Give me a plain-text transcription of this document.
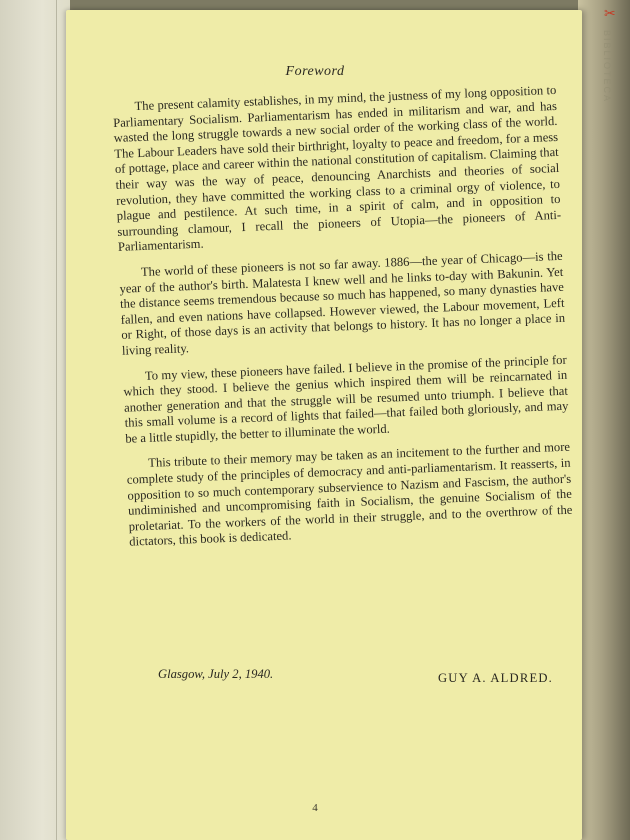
BIBLIOTECA
✂
Foreword

The present calamity establishes, in my mind, the justness of my long opposition to Parliamentary Socialism. Parliamentarism has ended in militarism and war, and has wasted the long struggle towards a new social order of the working class of the world. The Labour Leaders have sold their birthright, loyalty to peace and freedom, for a mess of pottage, place and career within the national constitution of capitalism. Claiming that their way was the way of peace, denouncing Anarchists and theories of social revolution, they have committed the working class to a criminal orgy of violence, to plague and pestilence. At such time, in a spirit of calm, and in opposition to surrounding clamour, I recall the pioneers of Utopia—the pioneers of Anti-Parliamentarism.

The world of these pioneers is not so far away. 1886—the year of Chicago—is the year of the author's birth. Malatesta I knew well and he links to-day with Bakunin. Yet the distance seems tremendous because so much has happened, so many dynasties have fallen, and even nations have collapsed. However viewed, the Labour movement, Left or Right, of those days is an activity that belongs to history. It has no longer a place in living reality.

To my view, these pioneers have failed. I believe in the promise of the principle for which they stood. I believe the genius which inspired them will be reincarnated in another generation and that the struggle will be resumed unto triumph. I believe that this small volume is a record of lights that failed—that failed both gloriously, and may be a little stupidly, the better to illuminate the world.

This tribute to their memory may be taken as an incitement to the further and more complete study of the principles of democracy and anti-parliamentarism. It reasserts, in opposition to so much contemporary subservience to Nazism and Fascism, the author's undiminished and uncompromising faith in Socialism, the genuine Socialism of the proletariat. To the workers of the world in their struggle, and to the overthrow of the dictators, this book is dedicated.

Glasgow, July 2, 1940.	GUY A. ALDRED.
4
